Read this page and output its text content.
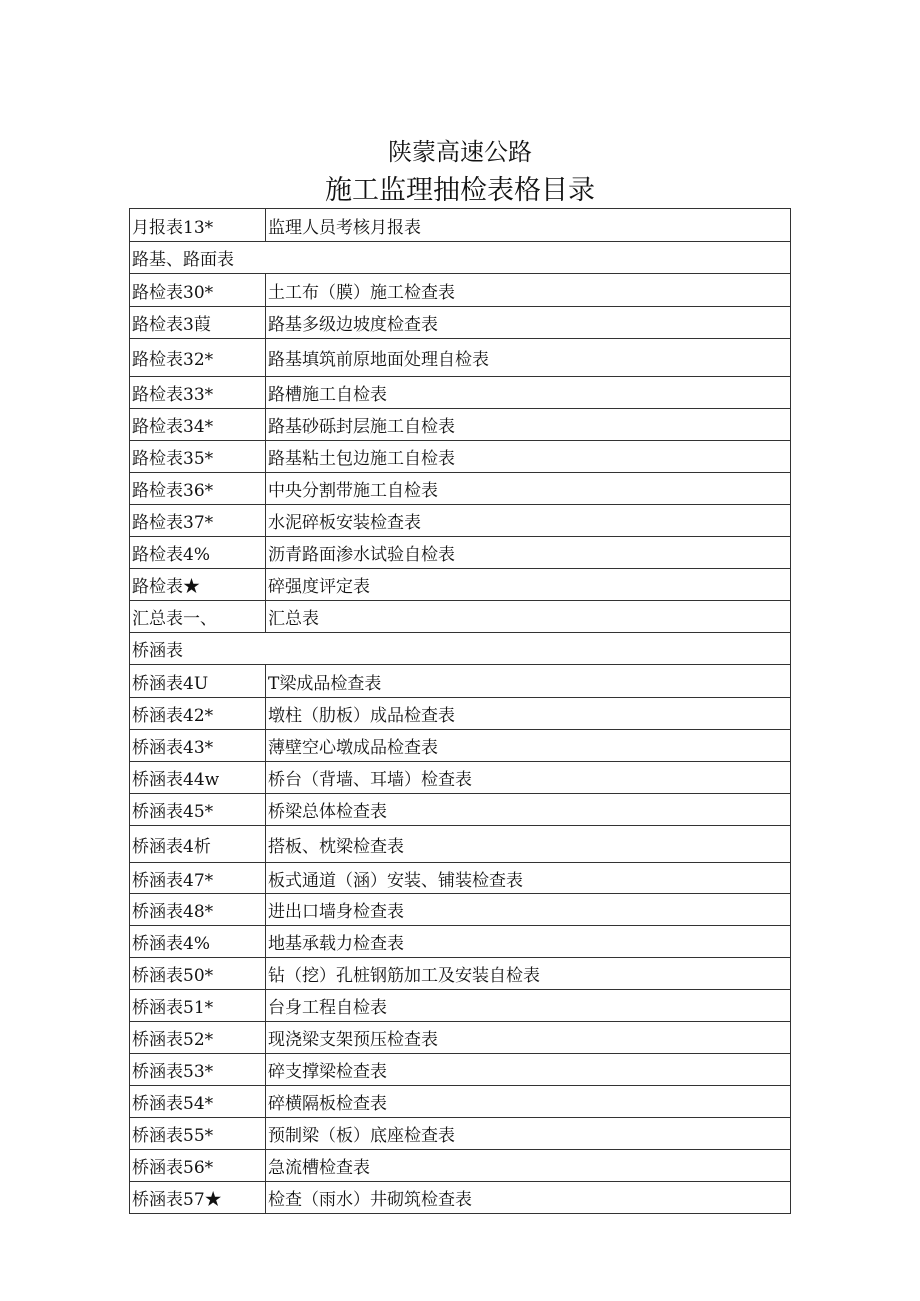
陕蒙高速公路
施工监理抽检表格目录
月报表13*	监理人员考核月报表
路基、路面表	
路检表30*	土工布（膜）施工检查表
路检表3葭	路基多级边坡度检查表
路检表32*	路基填筑前原地面处理自检表
路检表33*	路槽施工自检表
路检表34*	路基砂砾封层施工自检表
路检表35*	路基粘土包边施工自检表
路检表36*	中央分割带施工自检表
路检表37*	水泥碎板安装检查表
路检表4%	沥青路面渗水试验自检表
路检表★	碎强度评定表
汇总表一、	汇总表
桥涵表	
桥涵表4U	T梁成品检查表
桥涵表42*	墩柱（肋板）成品检查表
桥涵表43*	薄壁空心墩成品检查表
桥涵表44w	桥台（背墙、耳墙）检查表
桥涵表45*	桥梁总体检查表
桥涵表4析	搭板、枕梁检查表
桥涵表47*	板式通道（涵）安装、铺装检查表
桥涵表48*	进出口墙身检查表
桥涵表4%	地基承载力检查表
桥涵表50*	钻（挖）孔桩钢筋加工及安装自检表
桥涵表51*	台身工程自检表
桥涵表52*	现浇梁支架预压检查表
桥涵表53*	碎支撑梁检查表
桥涵表54*	碎横隔板检查表
桥涵表55*	预制梁（板）底座检查表
桥涵表56*	急流槽检查表
桥涵表57★	检查（雨水）井砌筑检查表
